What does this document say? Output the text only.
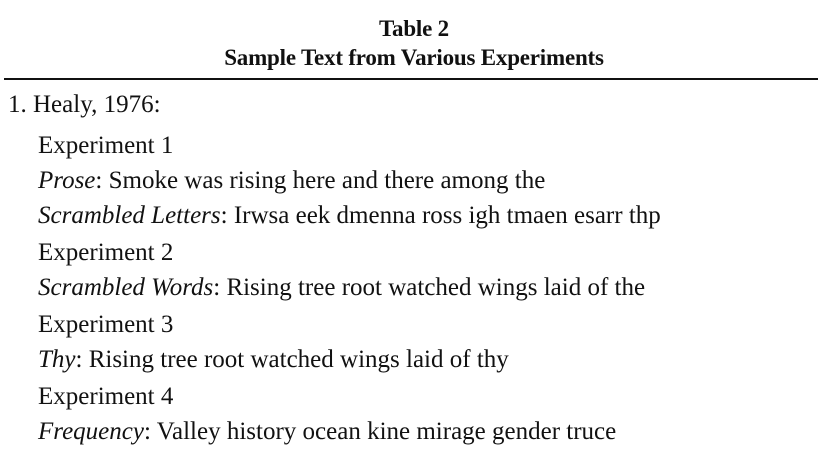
Table 2
Sample Text from Various Experiments
1. Healy, 1976:
Experiment 1
Prose: Smoke was rising here and there among the
Scrambled Letters: Irwsa eek dmenna ross igh tmaen esarr thp
Experiment 2
Scrambled Words: Rising tree root watched wings laid of the
Experiment 3
Thy: Rising tree root watched wings laid of thy
Experiment 4
Frequency: Valley history ocean kine mirage gender truce
